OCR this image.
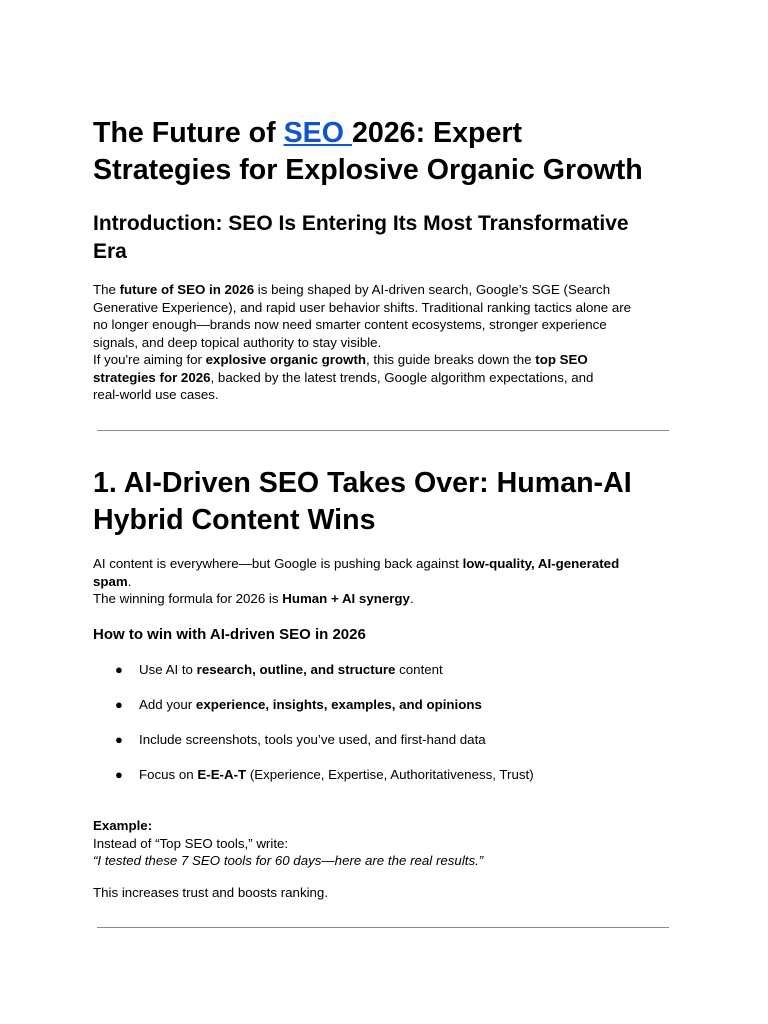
The Future of SEO 2026: Expert
Strategies for Explosive Organic Growth
Introduction: SEO Is Entering Its Most Transformative
Era

The future of SEO in 2026 is being shaped by AI-driven search, Google’s SGE (Search
Generative Experience), and rapid user behavior shifts. Traditional ranking tactics alone are
no longer enough—brands now need smarter content ecosystems, stronger experience
signals, and deep topical authority to stay visible.
If you're aiming for explosive organic growth, this guide breaks down the top SEO
strategies for 2026, backed by the latest trends, Google algorithm expectations, and
real-world use cases.

1. AI-Driven SEO Takes Over: Human-AI
Hybrid Content Wins

AI content is everywhere—but Google is pushing back against low-quality, AI-generated
spam.
The winning formula for 2026 is Human + AI synergy.

How to win with AI-driven SEO in 2026
● Use AI to research, outline, and structure content
● Add your experience, insights, examples, and opinions
● Include screenshots, tools you’ve used, and first-hand data
● Focus on E-E-A-T (Experience, Expertise, Authoritativeness, Trust)

Example:
Instead of “Top SEO tools,” write:
“I tested these 7 SEO tools for 60 days—here are the real results.”

This increases trust and boosts ranking.
